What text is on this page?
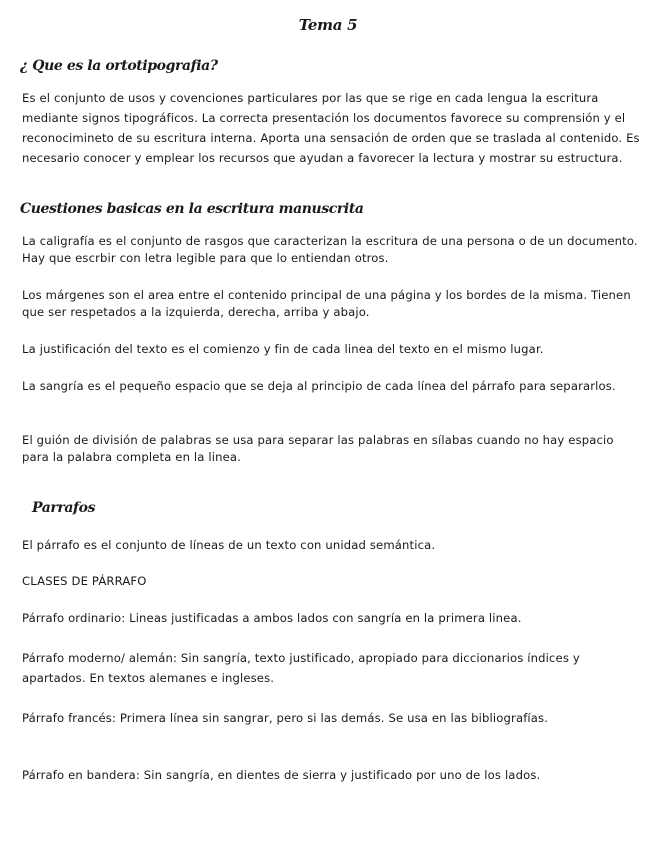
Tema 5
¿ Que es la ortotipografia?

Es el conjunto de usos y covenciones particulares por las que se rige en cada lengua la escritura mediante signos tipográficos. La correcta presentación los documentos favorece su comprensión y el reconocimineto de su escritura interna. Aporta una sensación de orden que se traslada al contenido. Es necesario conocer y emplear los recursos que ayudan a favorecer la lectura y mostrar su estructura.

Cuestiones basicas en la escritura manuscrita

La caligrafía es el conjunto de rasgos que caracterizan la escritura de una persona o de un documento. Hay que escrbir con letra legible para que lo entiendan otros.

Los márgenes son el area entre el contenido principal de una página y los bordes de la misma. Tienen que ser respetados a la izquierda, derecha, arriba y abajo.

La justificación del texto es el comienzo y fin de cada linea del texto en el mismo lugar.

La sangría es el pequeño espacio que se deja al principio de cada línea del párrafo para separarlos.

El guión de división de palabras se usa para separar las palabras en sílabas cuando no hay espacio para la palabra completa en la linea.

Parrafos

El párrafo es el conjunto de líneas de un texto con unidad semántica.

CLASES DE PÁRRAFO

Párrafo ordinario: Lineas justificadas a ambos lados con sangría en la primera linea.

Párrafo moderno/ alemán: Sin sangría, texto justificado, apropiado para diccionarios índices y apartados. En textos alemanes e ingleses.

Párrafo francés: Primera línea sin sangrar, pero si las demás. Se usa en las bibliografías.

Párrafo en bandera: Sin sangría, en dientes de sierra y justificado por uno de los lados.
